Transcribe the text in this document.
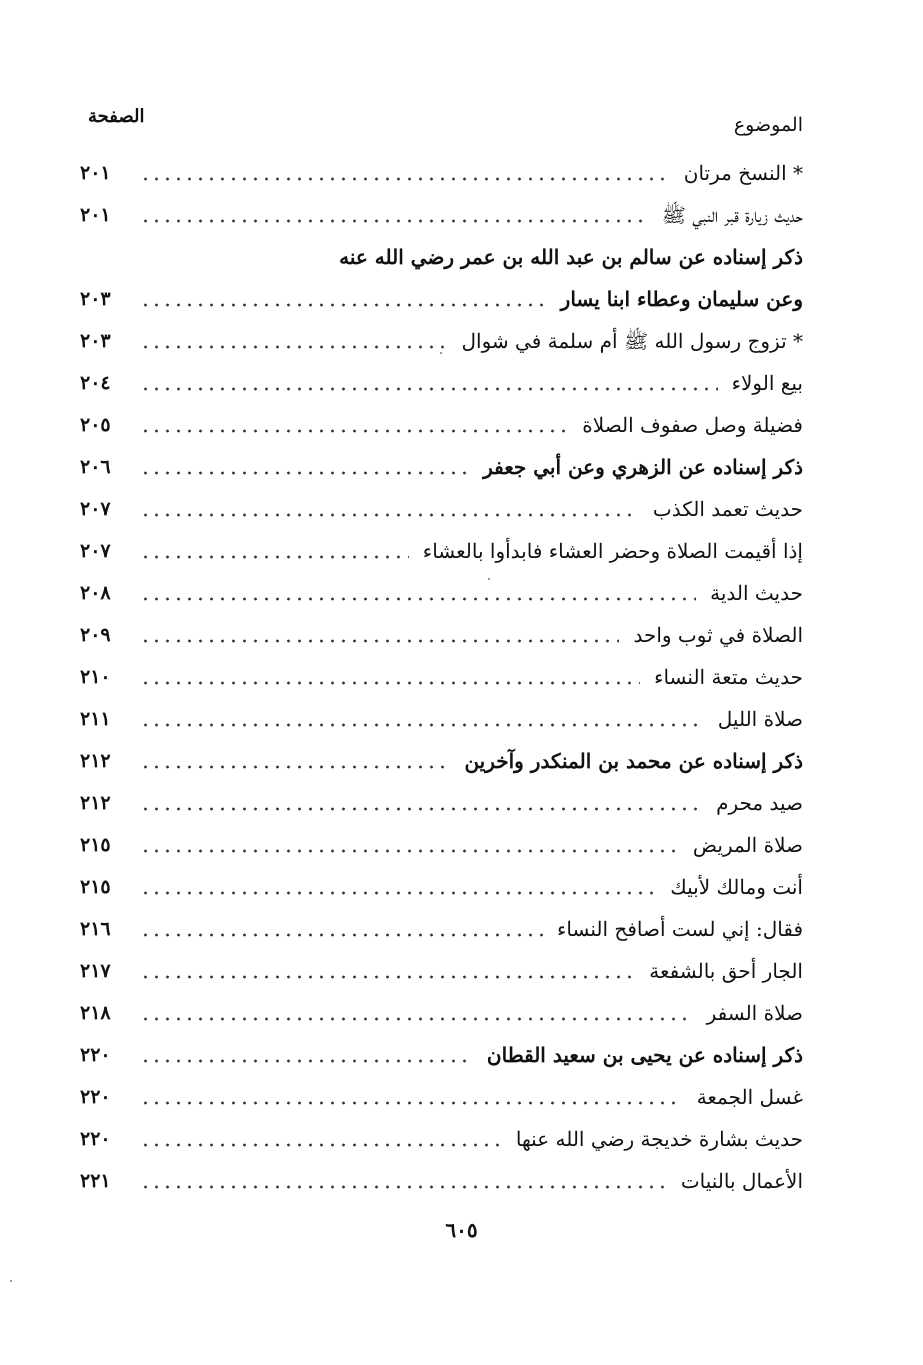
الموضوع
الصفحة
* النسخ مرتان
٢٠١
حديث زيارة قبر النبي ﷺ
٢٠١
ذكر إسناده عن سالم بن عبد الله بن عمر رضي الله عنه
وعن سليمان وعطاء ابنا يسار
٢٠٣
* تزوج رسول الله ﷺ أم سلمة في شوال
٢٠٣
بيع الولاء
٢٠٤
فضيلة وصل صفوف الصلاة
٢٠٥
ذكر إسناده عن الزهري وعن أبي جعفر
٢٠٦
حديث تعمد الكذب
٢٠٧
إذا أقيمت الصلاة وحضر العشاء فابدأوا بالعشاء
٢٠٧
حديث الدية
٢٠٨
الصلاة في ثوب واحد
٢٠٩
حديث متعة النساء
٢١٠
صلاة الليل
٢١١
ذكر إسناده عن محمد بن المنكدر وآخرين
٢١٢
صيد محرم
٢١٢
صلاة المريض
٢١٥
أنت ومالك لأبيك
٢١٥
فقال: إني لست أصافح النساء
٢١٦
الجار أحق بالشفعة
٢١٧
صلاة السفر
٢١٨
ذكر إسناده عن يحيى بن سعيد القطان
٢٢٠
غسل الجمعة
٢٢٠
حديث بشارة خديجة رضي الله عنها
٢٢٠
الأعمال بالنيات
٢٢١
٦٠٥
